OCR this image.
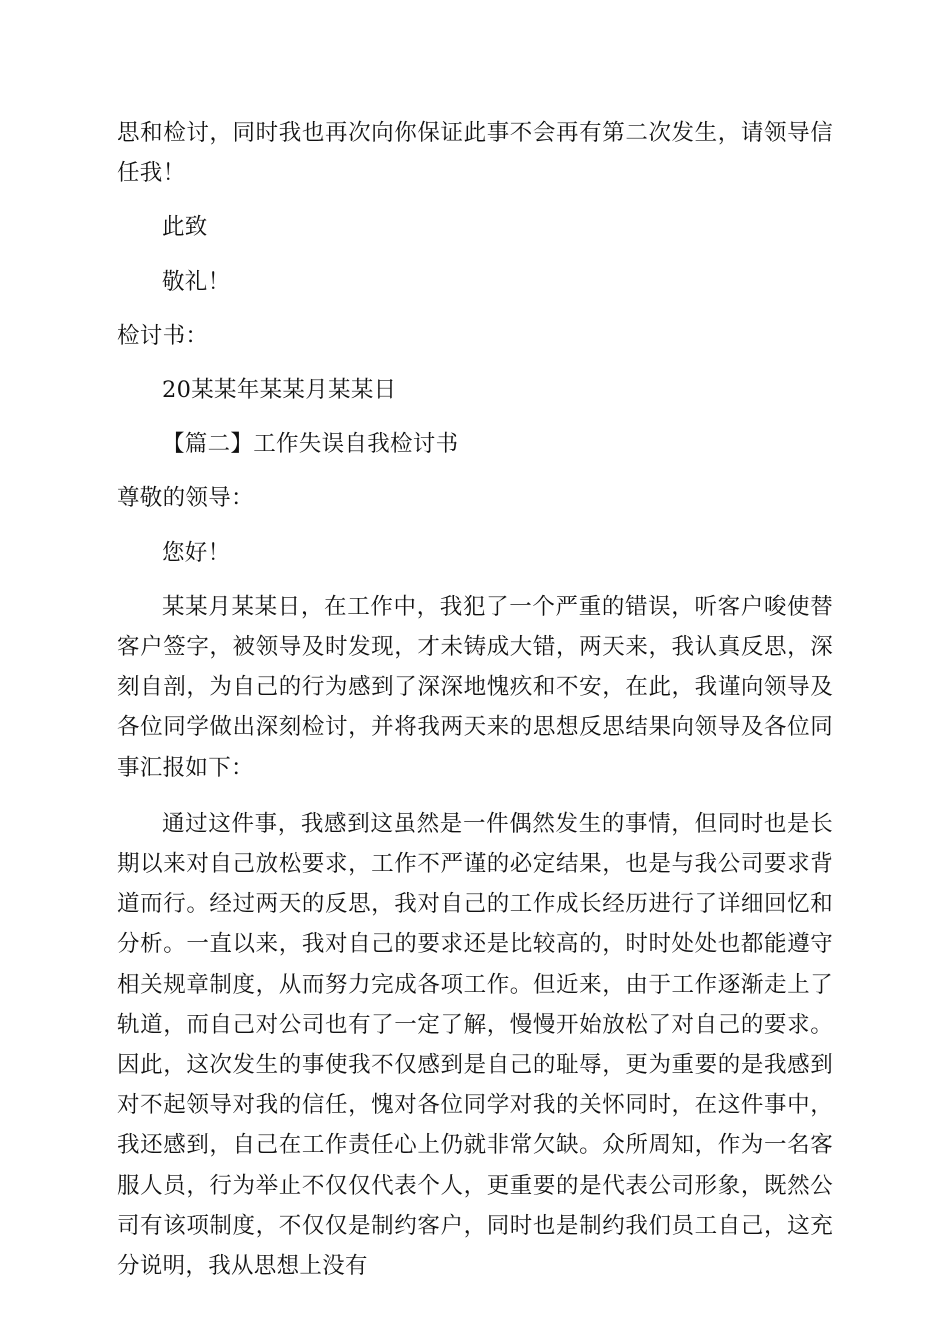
思和检讨，同时我也再次向你保证此事不会再有第二次发生，请领导信任我！

此致

敬礼！

检讨书：

20某某年某某月某某日

【篇二】工作失误自我检讨书

尊敬的领导：

您好！

某某月某某日，在工作中，我犯了一个严重的错误，听客户唆使替客户签字，被领导及时发现，才未铸成大错，两天来，我认真反思，深刻自剖，为自己的行为感到了深深地愧疚和不安，在此，我谨向领导及各位同学做出深刻检讨，并将我两天来的思想反思结果向领导及各位同事汇报如下：

通过这件事，我感到这虽然是一件偶然发生的事情，但同时也是长期以来对自己放松要求，工作不严谨的必定结果，也是与我公司要求背道而行。经过两天的反思，我对自己的工作成长经历进行了详细回忆和分析。一直以来，我对自己的要求还是比较高的，时时处处也都能遵守相关规章制度，从而努力完成各项工作。但近来，由于工作逐渐走上了轨道，而自己对公司也有了一定了解，慢慢开始放松了对自己的要求。因此，这次发生的事使我不仅感到是自己的耻辱，更为重要的是我感到对不起领导对我的信任，愧对各位同学对我的关怀同时，在这件事中，我还感到，自己在工作责任心上仍就非常欠缺。众所周知，作为一名客服人员，行为举止不仅仅代表个人，更重要的是代表公司形象，既然公司有该项制度，不仅仅是制约客户，同时也是制约我们员工自己，这充分说明，我从思想上没有
